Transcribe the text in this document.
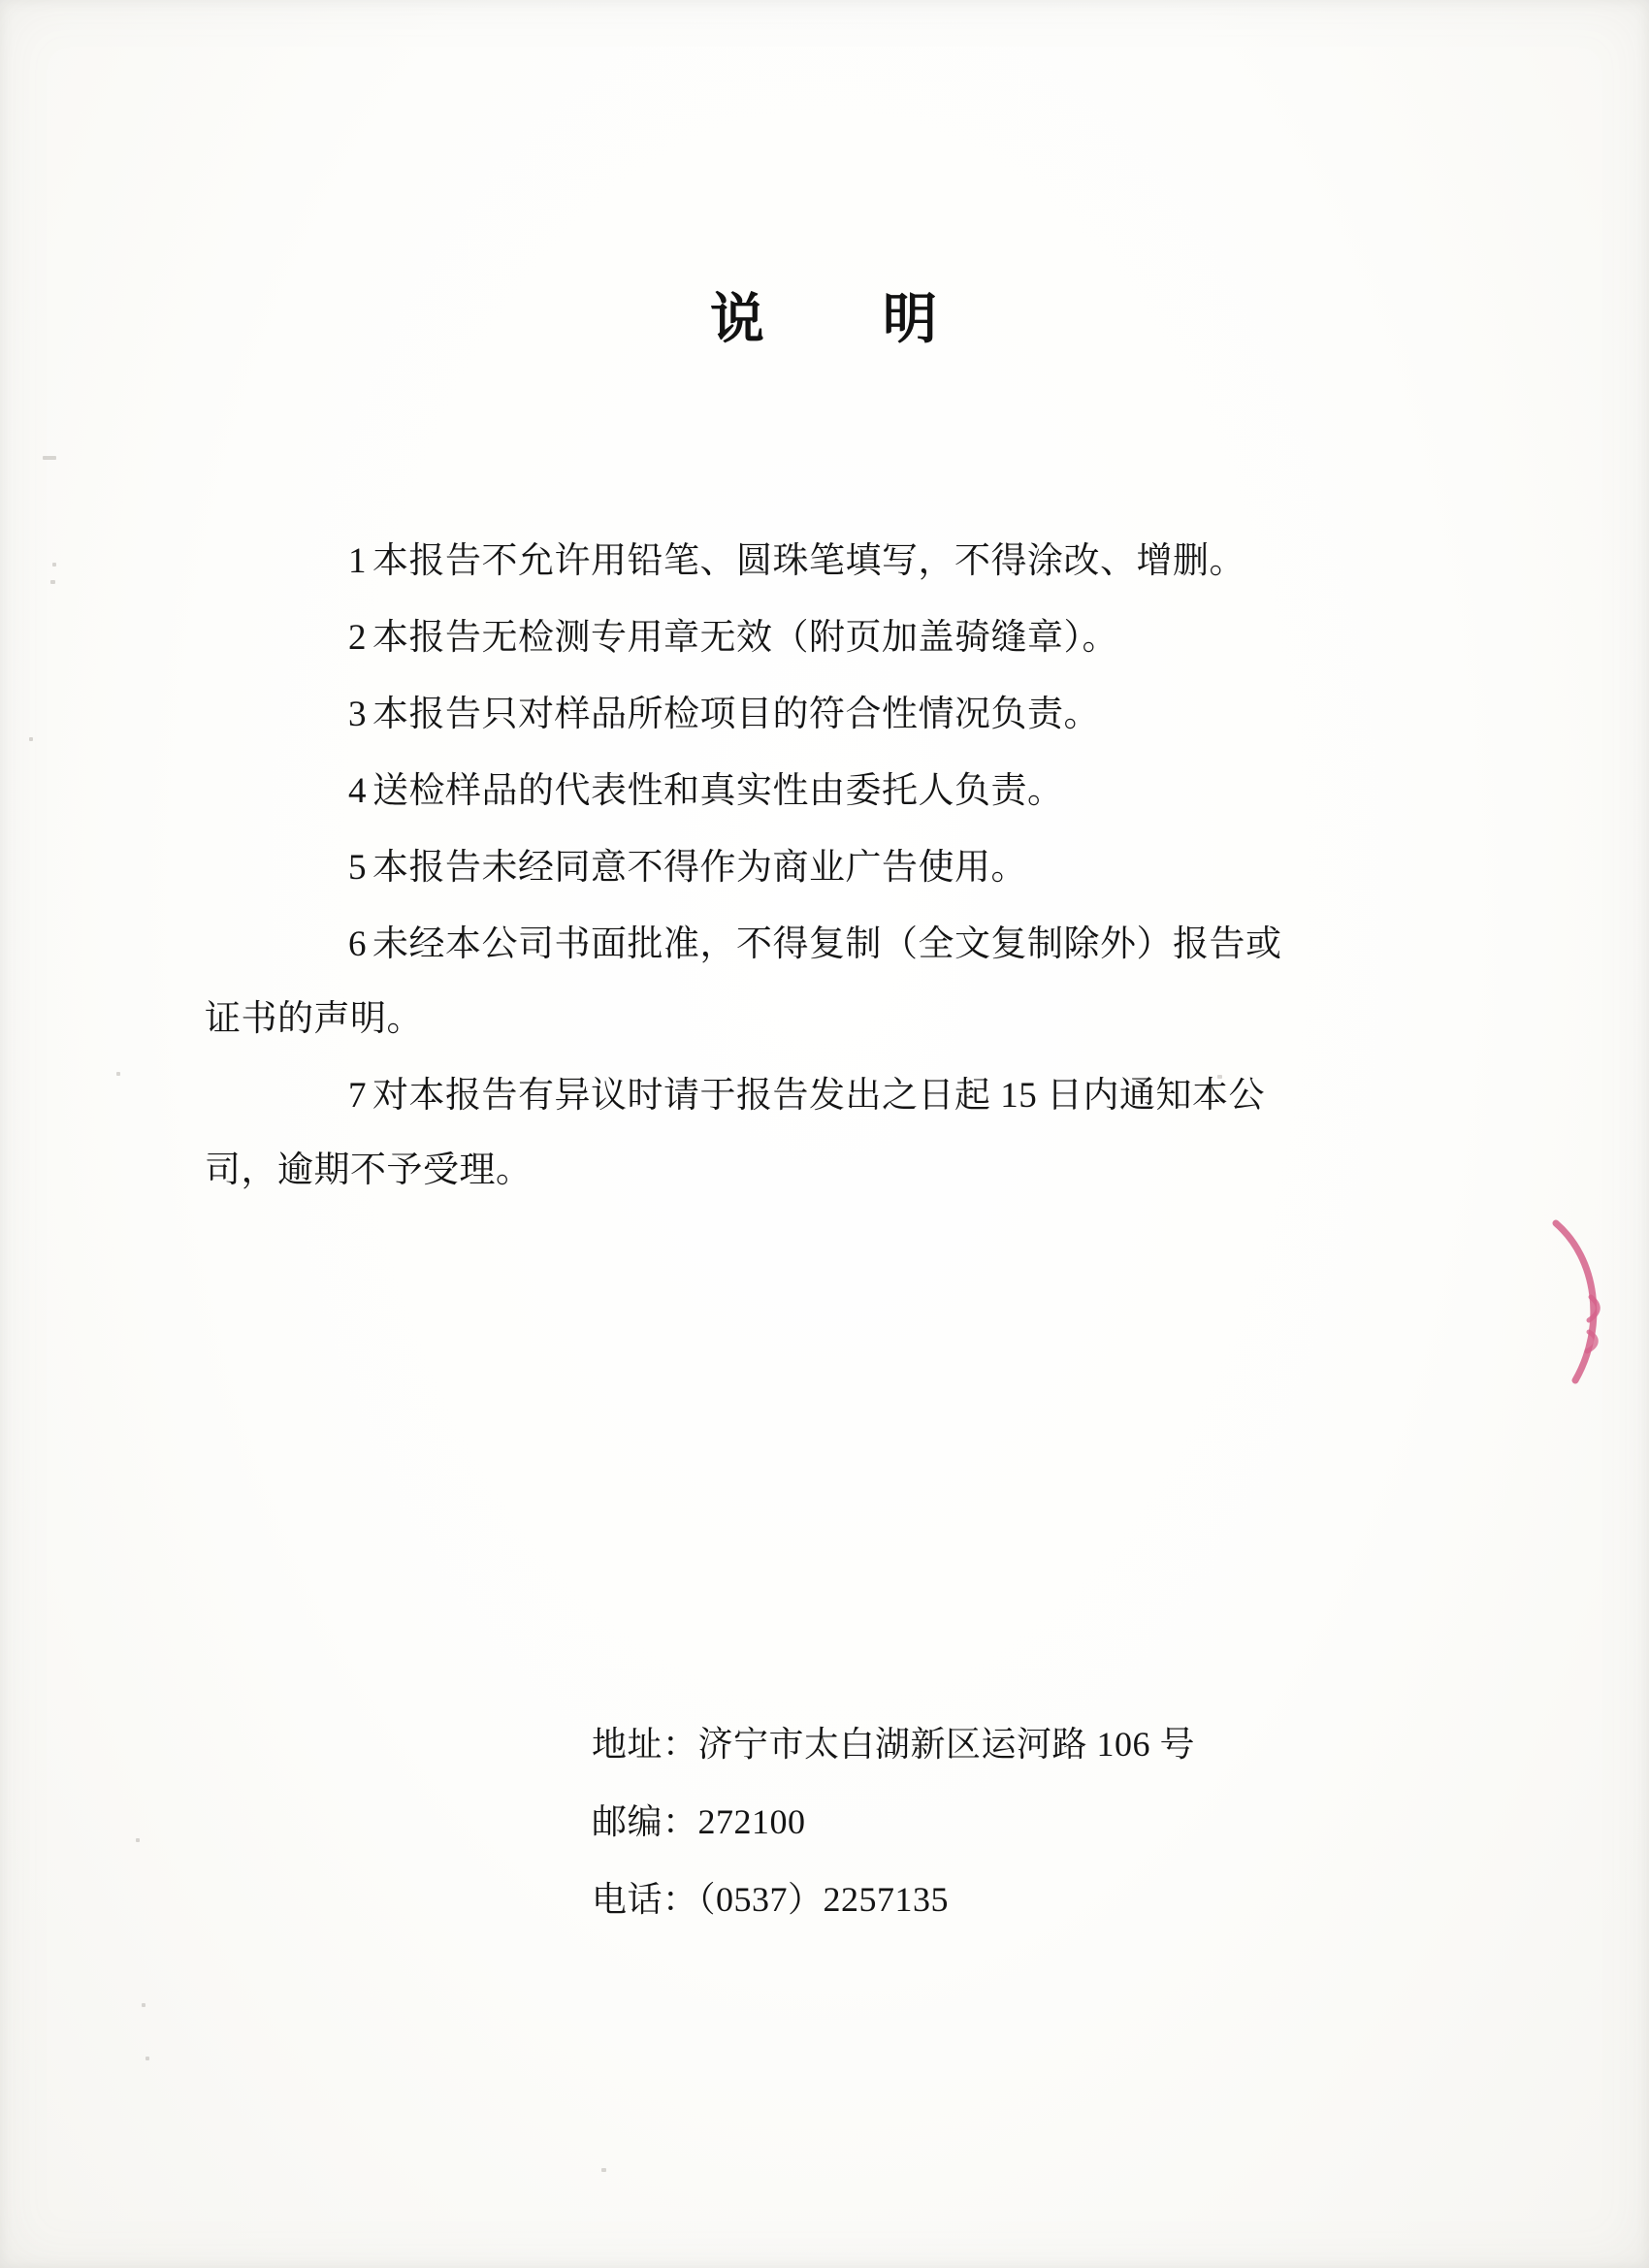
说 明
1 本报告不允许用铅笔、圆珠笔填写，不得涂改、增删。
2 本报告无检测专用章无效（附页加盖骑缝章）。
3 本报告只对样品所检项目的符合性情况负责。
4 送检样品的代表性和真实性由委托人负责。
5 本报告未经同意不得作为商业广告使用。
6 未经本公司书面批准，不得复制（全文复制除外）报告或
证书的声明。
7 对本报告有异议时请于报告发出之日起 15 日内通知本公
司，逾期不予受理。
地址：济宁市太白湖新区运河路 106 号
邮编：272100
电话：（0537）2257135
